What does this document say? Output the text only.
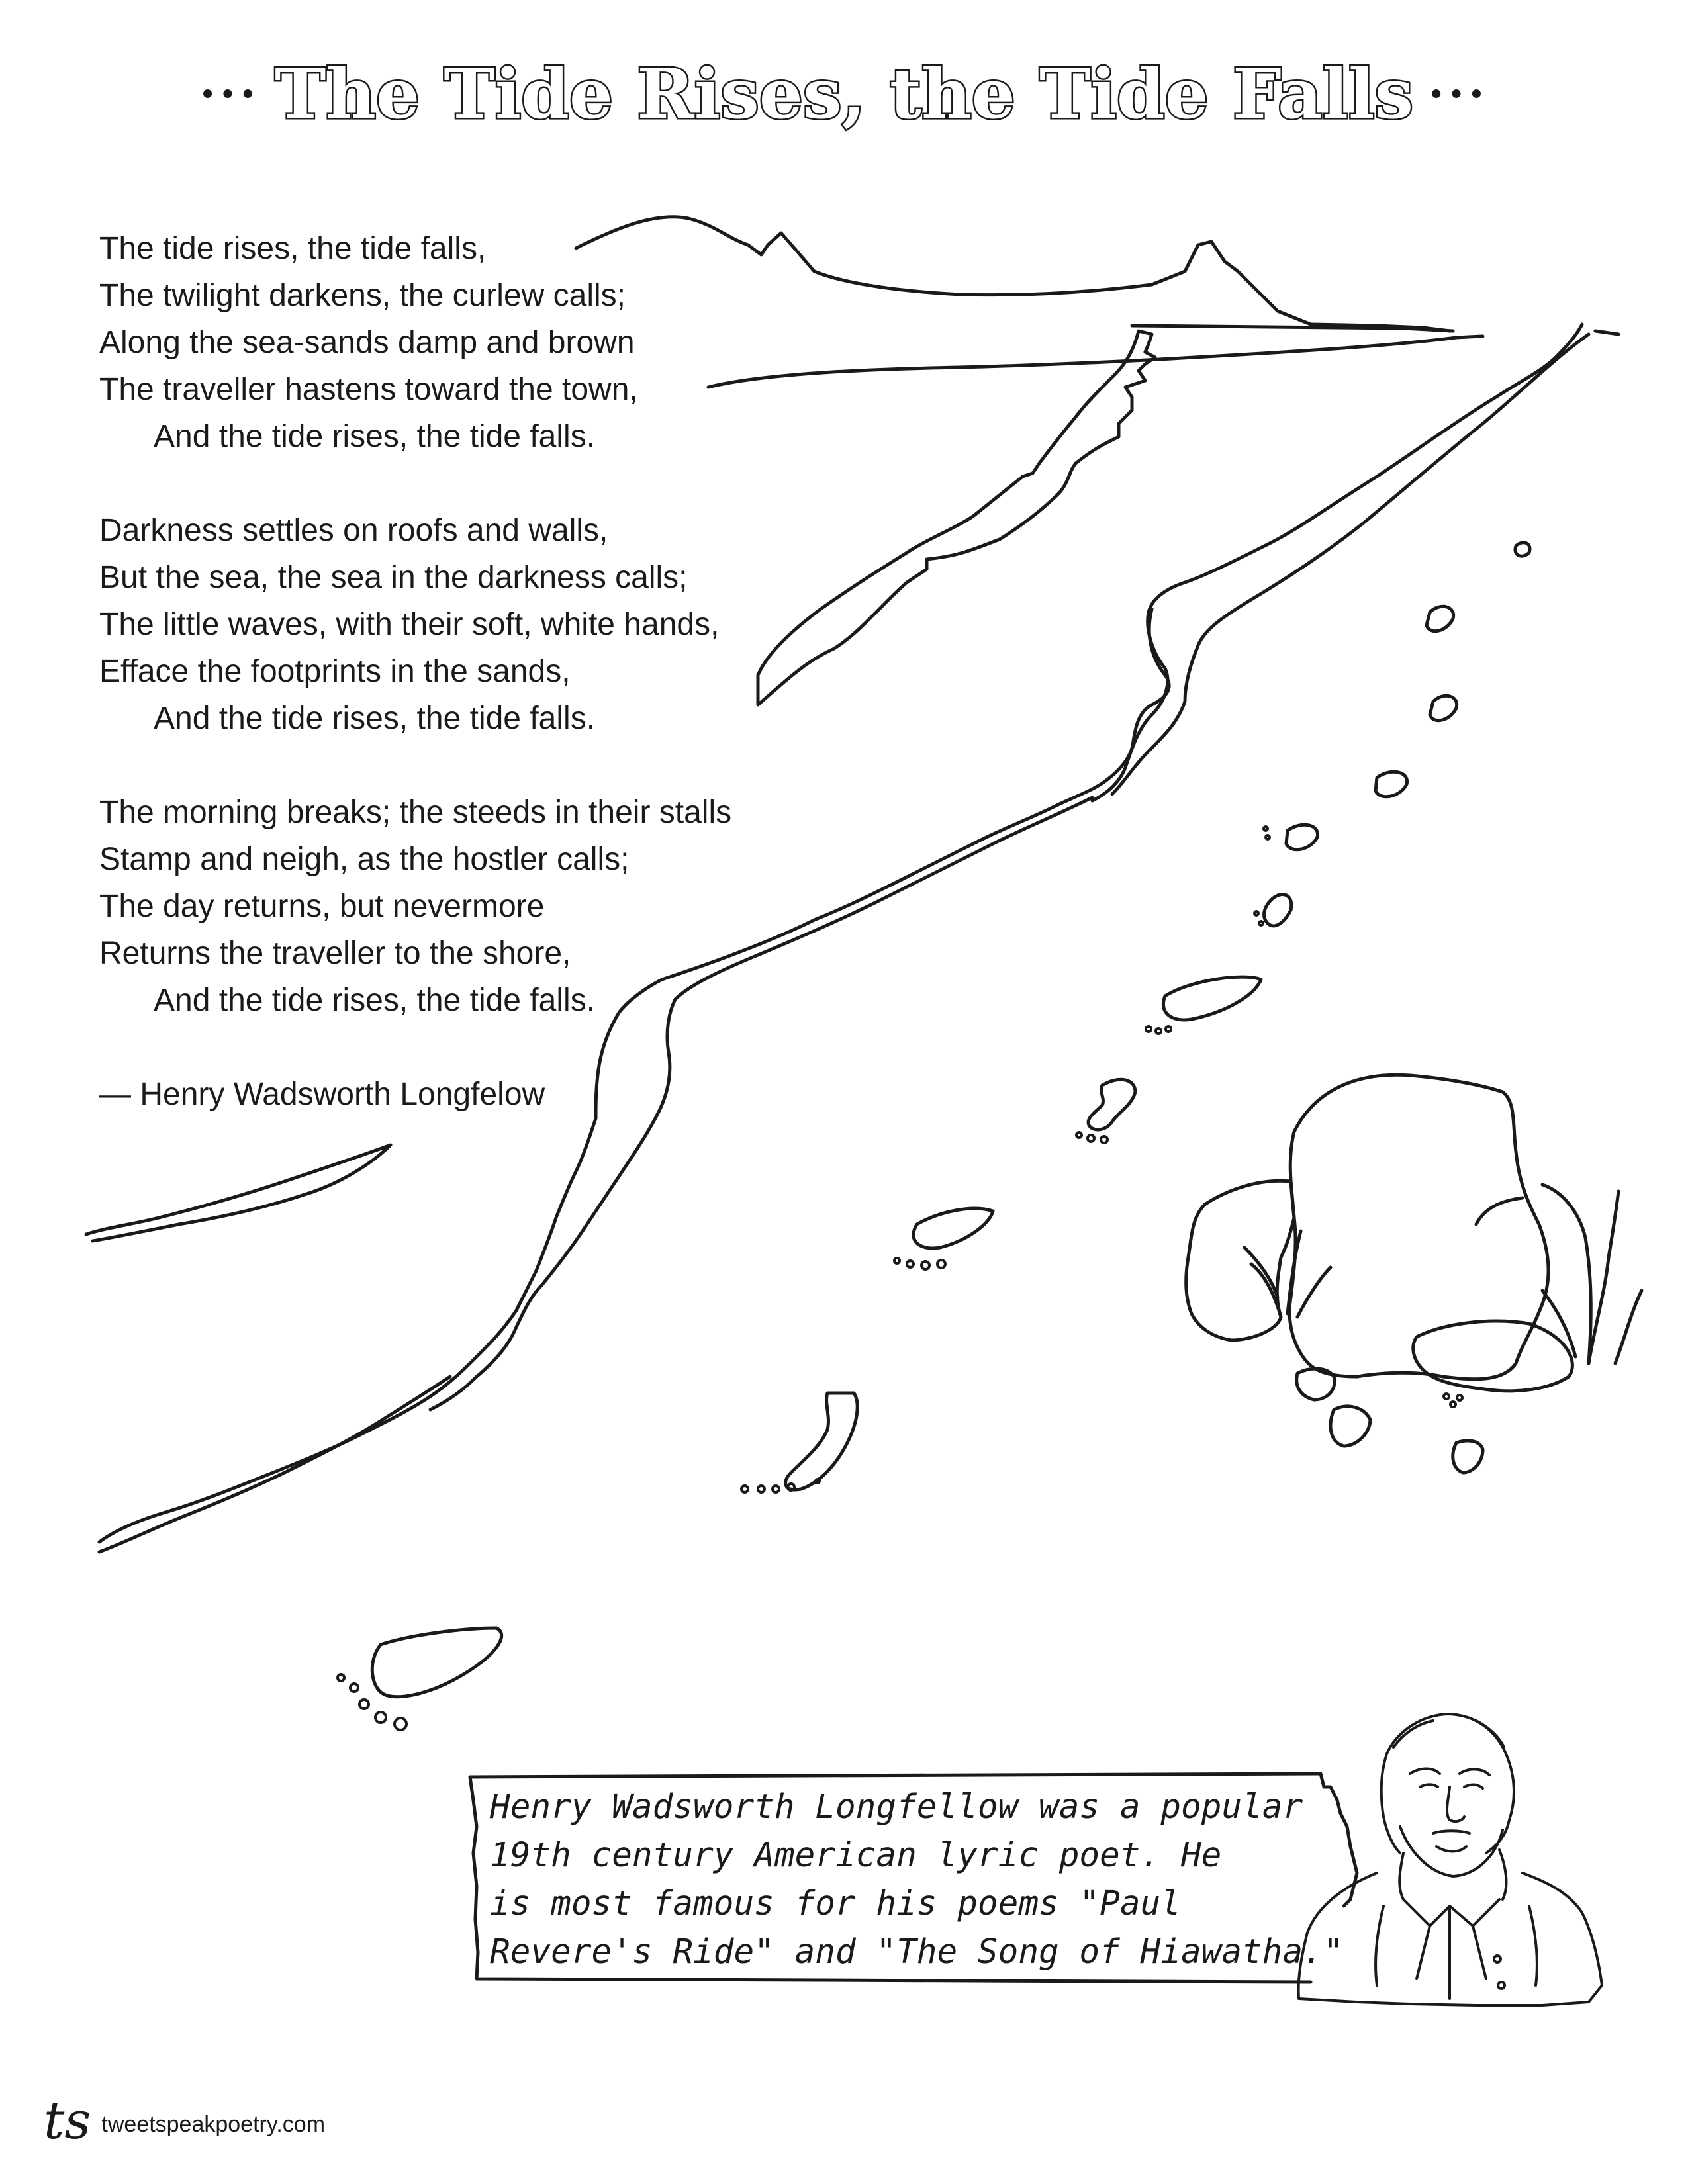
··· The Tide Rises, the Tide Falls ···
The tide rises, the tide falls,
The twilight darkens, the curlew calls;
Along the sea-sands damp and brown
The traveller hastens toward the town,
And the tide rises, the tide falls.
Darkness settles on roofs and walls,
But the sea, the sea in the darkness calls;
The little waves, with their soft, white hands,
Efface the footprints in the sands,
And the tide rises, the tide falls.
The morning breaks; the steeds in their stalls
Stamp and neigh, as the hostler calls;
The day returns, but nevermore
Returns the traveller to the shore,
And the tide rises, the tide falls.
— Henry Wadsworth Longfelow
Henry Wadsworth Longfellow was a popular
19th century American lyric poet. He
is most famous for his poems "Paul
Revere's Ride" and "The Song of Hiawatha."
ts tweetspeakpoetry.com
